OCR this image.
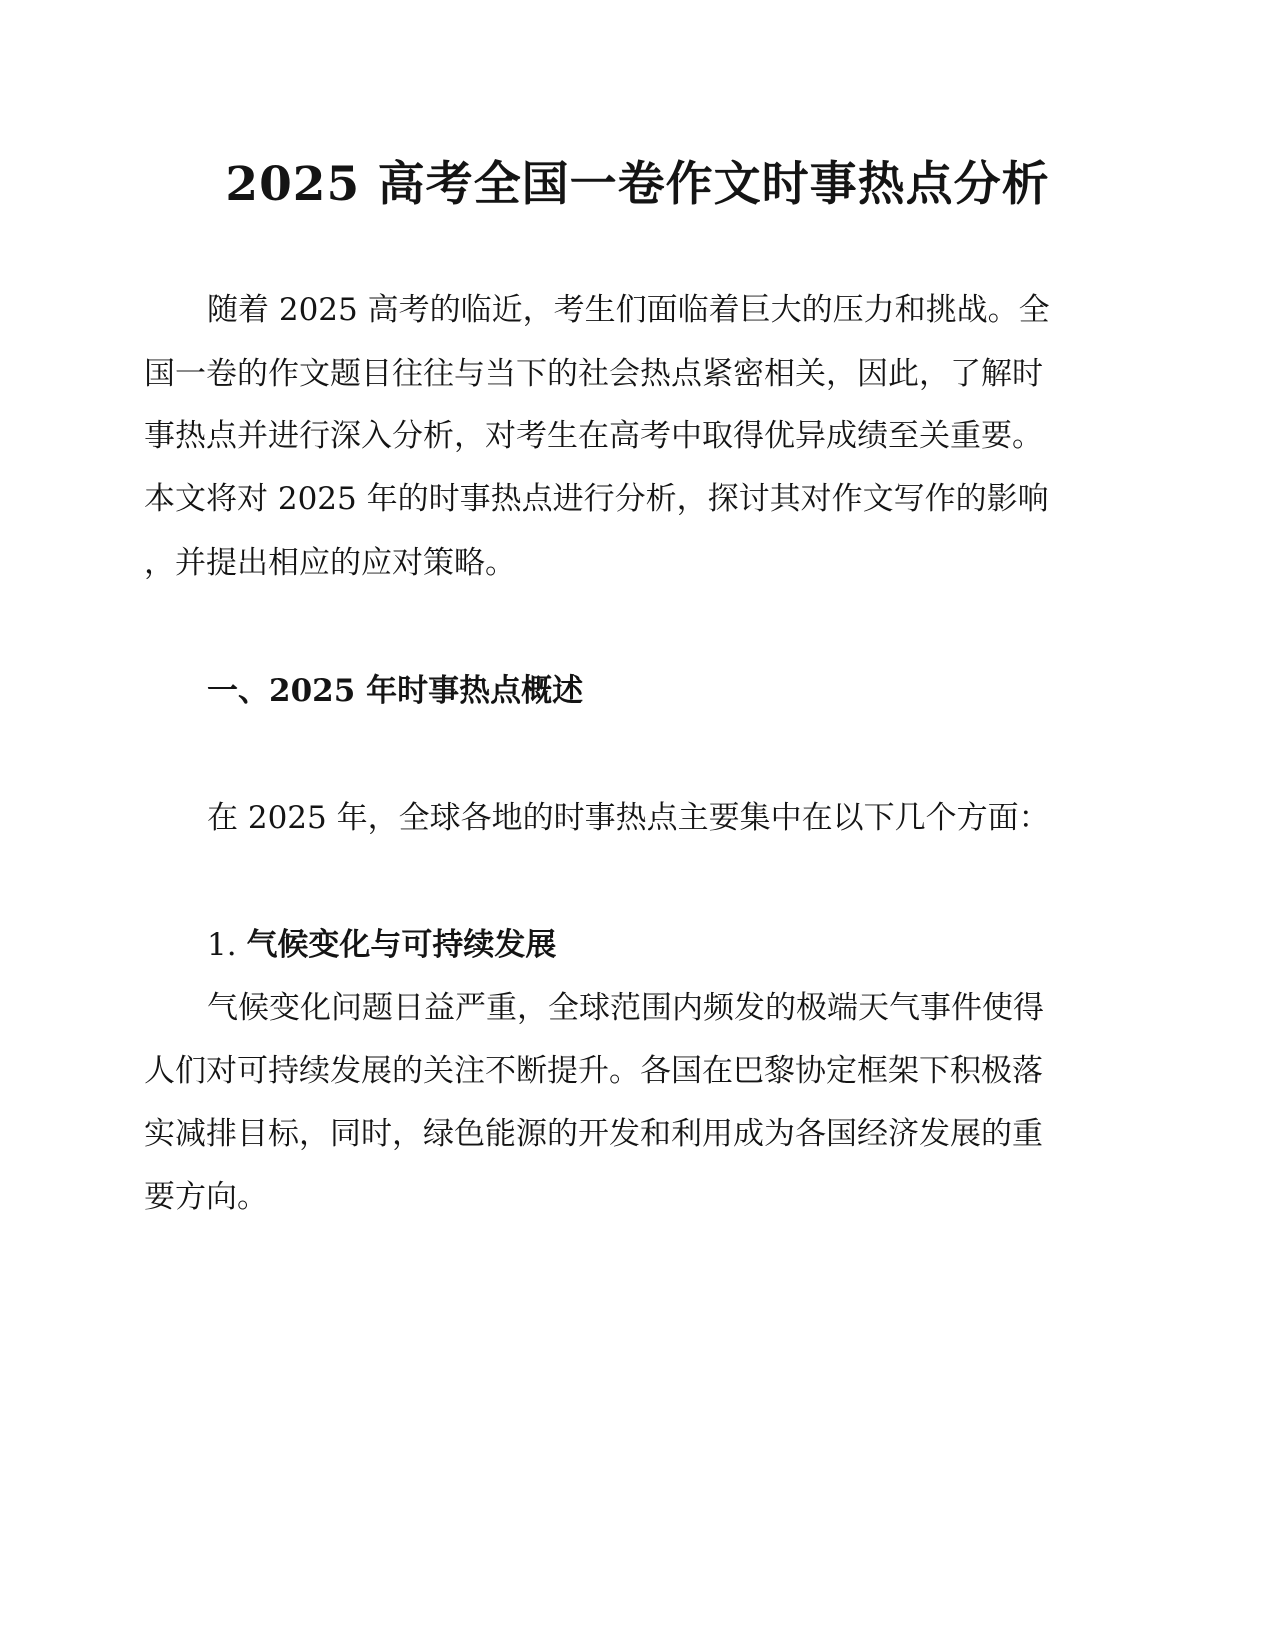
2025 高考全国一卷作文时事热点分析
随着 2025 高考的临近，考生们面临着巨大的压力和挑战。全
国一卷的作文题目往往与当下的社会热点紧密相关，因此，了解时
事热点并进行深入分析，对考生在高考中取得优异成绩至关重要。
本文将对 2025 年的时事热点进行分析，探讨其对作文写作的影响
，并提出相应的应对策略。
一、2025 年时事热点概述
在 2025 年，全球各地的时事热点主要集中在以下几个方面：
1. 气候变化与可持续发展
气候变化问题日益严重，全球范围内频发的极端天气事件使得
人们对可持续发展的关注不断提升。各国在巴黎协定框架下积极落
实减排目标，同时，绿色能源的开发和利用成为各国经济发展的重
要方向。
